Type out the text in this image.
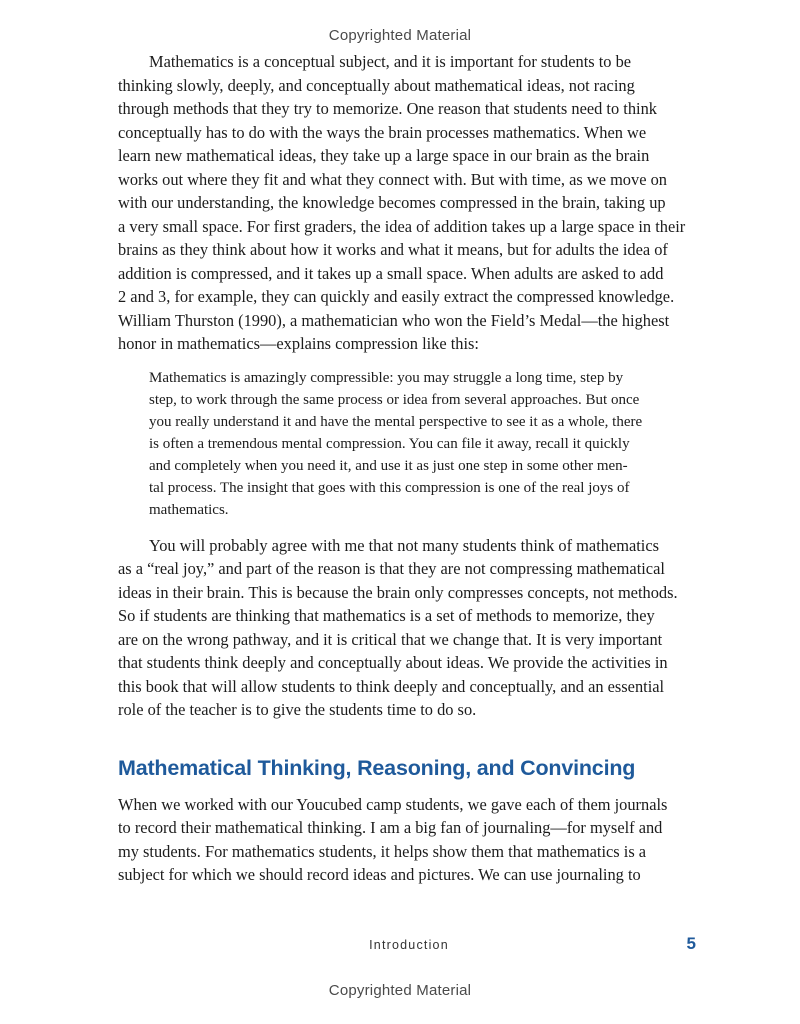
Copyrighted Material

Mathematics is a conceptual subject, and it is important for students to be
thinking slowly, deeply, and conceptually about mathematical ideas, not racing
through methods that they try to memorize. One reason that students need to think
conceptually has to do with the ways the brain processes mathematics. When we
learn new mathematical ideas, they take up a large space in our brain as the brain
works out where they fit and what they connect with. But with time, as we move on
with our understanding, the knowledge becomes compressed in the brain, taking up
a very small space. For first graders, the idea of addition takes up a large space in their
brains as they think about how it works and what it means, but for adults the idea of
addition is compressed, and it takes up a small space. When adults are asked to add
2 and 3, for example, they can quickly and easily extract the compressed knowledge.
William Thurston (1990), a mathematician who won the Field’s Medal—the highest
honor in mathematics—explains compression like this:

Mathematics is amazingly compressible: you may struggle a long time, step by
step, to work through the same process or idea from several approaches. But once
you really understand it and have the mental perspective to see it as a whole, there
is often a tremendous mental compression. You can file it away, recall it quickly
and completely when you need it, and use it as just one step in some other men-
tal process. The insight that goes with this compression is one of the real joys of
mathematics.

You will probably agree with me that not many students think of mathematics
as a “real joy,” and part of the reason is that they are not compressing mathematical
ideas in their brain. This is because the brain only compresses concepts, not methods.
So if students are thinking that mathematics is a set of methods to memorize, they
are on the wrong pathway, and it is critical that we change that. It is very important
that students think deeply and conceptually about ideas. We provide the activities in
this book that will allow students to think deeply and conceptually, and an essential
role of the teacher is to give the students time to do so.

Mathematical Thinking, Reasoning, and Convincing

When we worked with our Youcubed camp students, we gave each of them journals
to record their mathematical thinking. I am a big fan of journaling—for myself and
my students. For mathematics students, it helps show them that mathematics is a
subject for which we should record ideas and pictures. We can use journaling to

Introduction	5
Copyrighted Material
